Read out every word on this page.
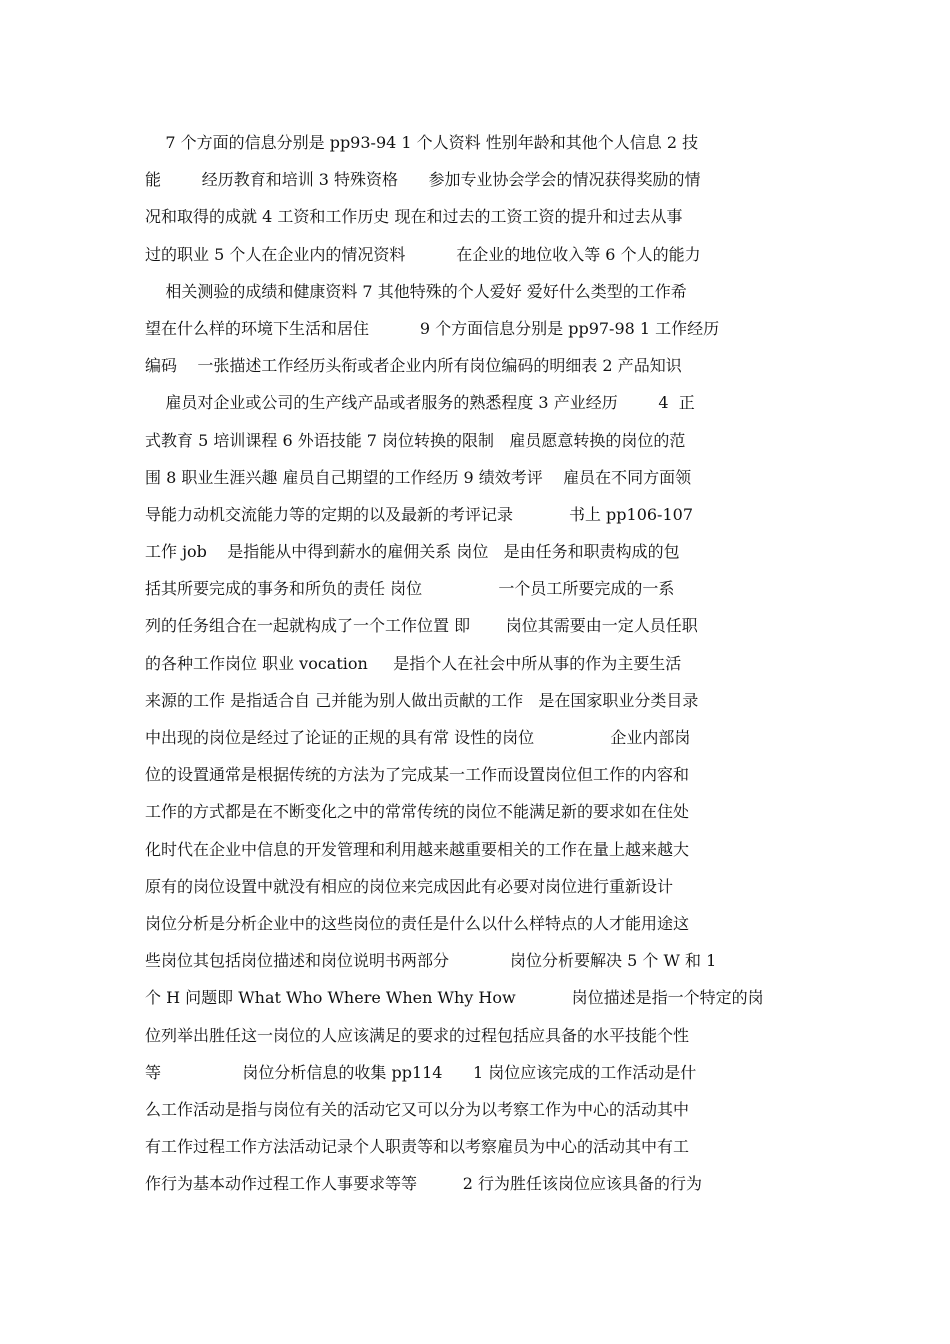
7 个方面的信息分别是 pp93-94 1 个人资料 性别年龄和其他个人信息 2 技
能        经历教育和培训 3 特殊资格      参加专业协会学会的情况获得奖励的情
况和取得的成就 4 工资和工作历史 现在和过去的工资工资的提升和过去从事
过的职业 5 个人在企业内的情况资料          在企业的地位收入等 6 个人的能力
相关测验的成绩和健康资料 7 其他特殊的个人爱好 爱好什么类型的工作希
望在什么样的环境下生活和居住          9 个方面信息分别是 pp97-98 1 工作经历
编码    一张描述工作经历头衔或者企业内所有岗位编码的明细表 2 产品知识
雇员对企业或公司的生产线产品或者服务的熟悉程度 3 产业经历        4  正
式教育 5 培训课程 6 外语技能 7 岗位转换的限制   雇员愿意转换的岗位的范
围 8 职业生涯兴趣 雇员自己期望的工作经历 9 绩效考评    雇员在不同方面领
导能力动机交流能力等的定期的以及最新的考评记录           书上 pp106-107
工作 job    是指能从中得到薪水的雇佣关系 岗位   是由任务和职责构成的包
括其所要完成的事务和所负的责任 岗位               一个员工所要完成的一系
列的任务组合在一起就构成了一个工作位置 即       岗位其需要由一定人员任职
的各种工作岗位 职业 vocation     是指个人在社会中所从事的作为主要生活
来源的工作 是指适合自 己并能为别人做出贡献的工作   是在国家职业分类目录
中出现的岗位是经过了论证的正规的具有常 设性的岗位               企业内部岗
位的设置通常是根据传统的方法为了完成某一工作而设置岗位但工作的内容和
工作的方式都是在不断变化之中的常常传统的岗位不能满足新的要求如在住处
化时代在企业中信息的开发管理和利用越来越重要相关的工作在量上越来越大
原有的岗位设置中就没有相应的岗位来完成因此有必要对岗位进行重新设计
岗位分析是分析企业中的这些岗位的责任是什么以什么样特点的人才能用途这
些岗位其包括岗位描述和岗位说明书两部分            岗位分析要解决 5 个 W 和 1
个 H 问题即 What Who Where When Why How           岗位描述是指一个特定的岗
位列举出胜任这一岗位的人应该满足的要求的过程包括应具备的水平技能个性
等                岗位分析信息的收集 pp114      1 岗位应该完成的工作活动是什
么工作活动是指与岗位有关的活动它又可以分为以考察工作为中心的活动其中
有工作过程工作方法活动记录个人职责等和以考察雇员为中心的活动其中有工
作行为基本动作过程工作人事要求等等         2 行为胜任该岗位应该具备的行为
